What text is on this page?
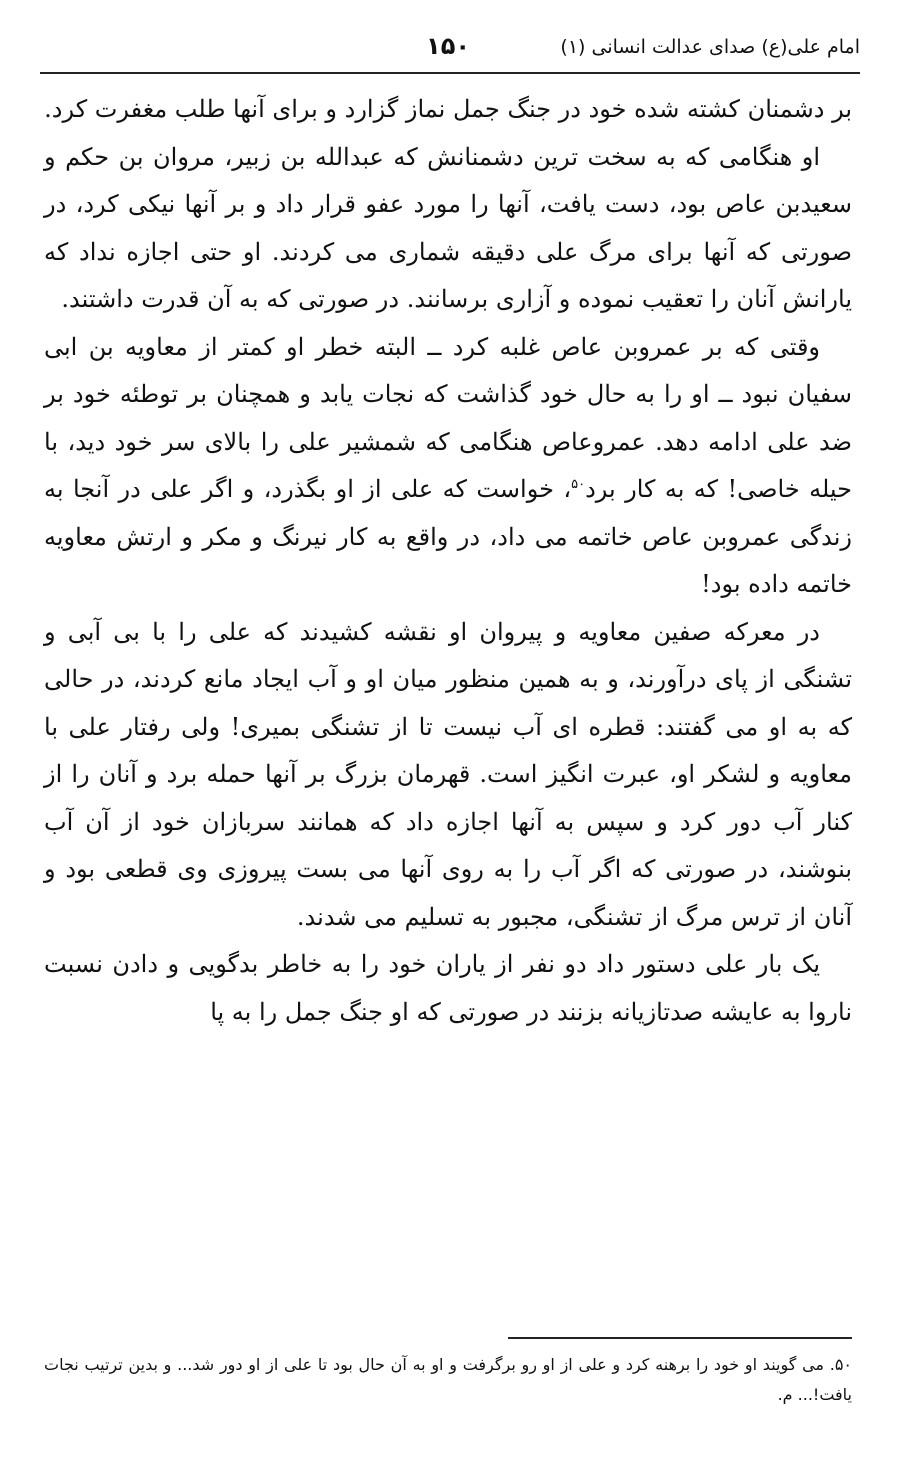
امام علی(ع) صدای عدالت انسانی (۱)
۱۵۰

بر دشمنان کشته شده خود در جنگ جمل نماز گزارد و برای آنها طلب مغفرت کرد.

او هنگامی که به سخت ترین دشمنانش که عبدالله بن زبیر، مروان بن حکم و سعیدبن عاص بود، دست یافت، آنها را مورد عفو قرار داد و بر آنها نیکی کرد، در صورتی که آنها برای مرگ علی دقیقه شماری می کردند. او حتی اجازه نداد که یارانش آنان را تعقیب نموده و آزاری برسانند. در صورتی که به آن قدرت داشتند.

وقتی که بر عمروبن عاص غلبه کرد ــ البته خطر او کمتر از معاویه بن ابی سفیان نبود ــ او را به حال خود گذاشت که نجات یابد و همچنان بر توطئه خود بر ضد علی ادامه دهد. عمروعاص هنگامی که شمشیر علی را بالای سر خود دید، با حیله خاصی! که به کار برد$^{۵۰}$، خواست که علی از او بگذرد، و اگر علی در آنجا به زندگی عمروبن عاص خاتمه می داد، در واقع به کار نیرنگ و مکر و ارتش معاویه خاتمه داده بود!

در معرکه صفین معاویه و پیروان او نقشه کشیدند که علی را با بی آبی و تشنگی از پای درآورند، و به همین منظور میان او و آب ایجاد مانع کردند، در حالی که به او می گفتند: قطره ای آب نیست تا از تشنگی بمیری! ولی رفتار علی با معاویه و لشکر او، عبرت انگیز است. قهرمان بزرگ بر آنها حمله برد و آنان را از کنار آب دور کرد و سپس به آنها اجازه داد که همانند سربازان خود از آن آب بنوشند، در صورتی که اگر آب را به روی آنها می بست پیروزی وی قطعی بود و آنان از ترس مرگ از تشنگی، مجبور به تسلیم می شدند.

یک بار علی دستور داد دو نفر از یاران خود را به خاطر بدگویی و دادن نسبت ناروا به عایشه صدتازیانه بزنند در صورتی که او جنگ جمل را به پا

۵۰. می گویند او خود را برهنه کرد و علی از او رو برگرفت و او به آن حال بود تا علی از او دور شد... و بدین ترتیب نجات یافت!... م.
